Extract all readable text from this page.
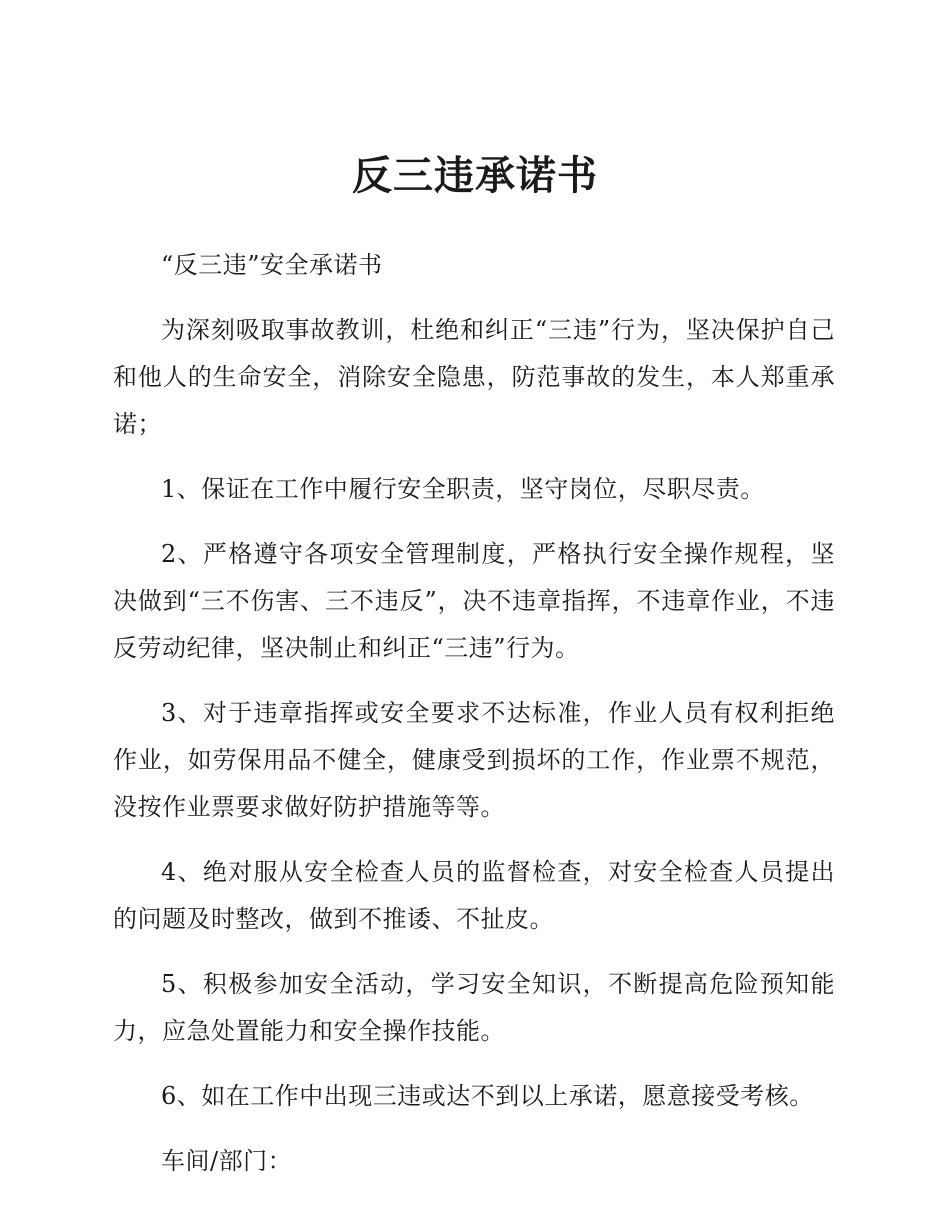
反三违承诺书

“反三违”安全承诺书

为深刻吸取事故教训，杜绝和纠正“三违”行为，坚决保护自己和他人的生命安全，消除安全隐患，防范事故的发生，本人郑重承诺；

1、保证在工作中履行安全职责，坚守岗位，尽职尽责。

2、严格遵守各项安全管理制度，严格执行安全操作规程，坚决做到“三不伤害、三不违反”，决不违章指挥，不违章作业，不违反劳动纪律，坚决制止和纠正“三违”行为。

3、对于违章指挥或安全要求不达标准，作业人员有权利拒绝作业，如劳保用品不健全，健康受到损坏的工作，作业票不规范，没按作业票要求做好防护措施等等。

4、绝对服从安全检查人员的监督检查，对安全检查人员提出的问题及时整改，做到不推诿、不扯皮。

5、积极参加安全活动，学习安全知识，不断提高危险预知能力，应急处置能力和安全操作技能。

6、如在工作中出现三违或达不到以上承诺，愿意接受考核。

车间/部门：
